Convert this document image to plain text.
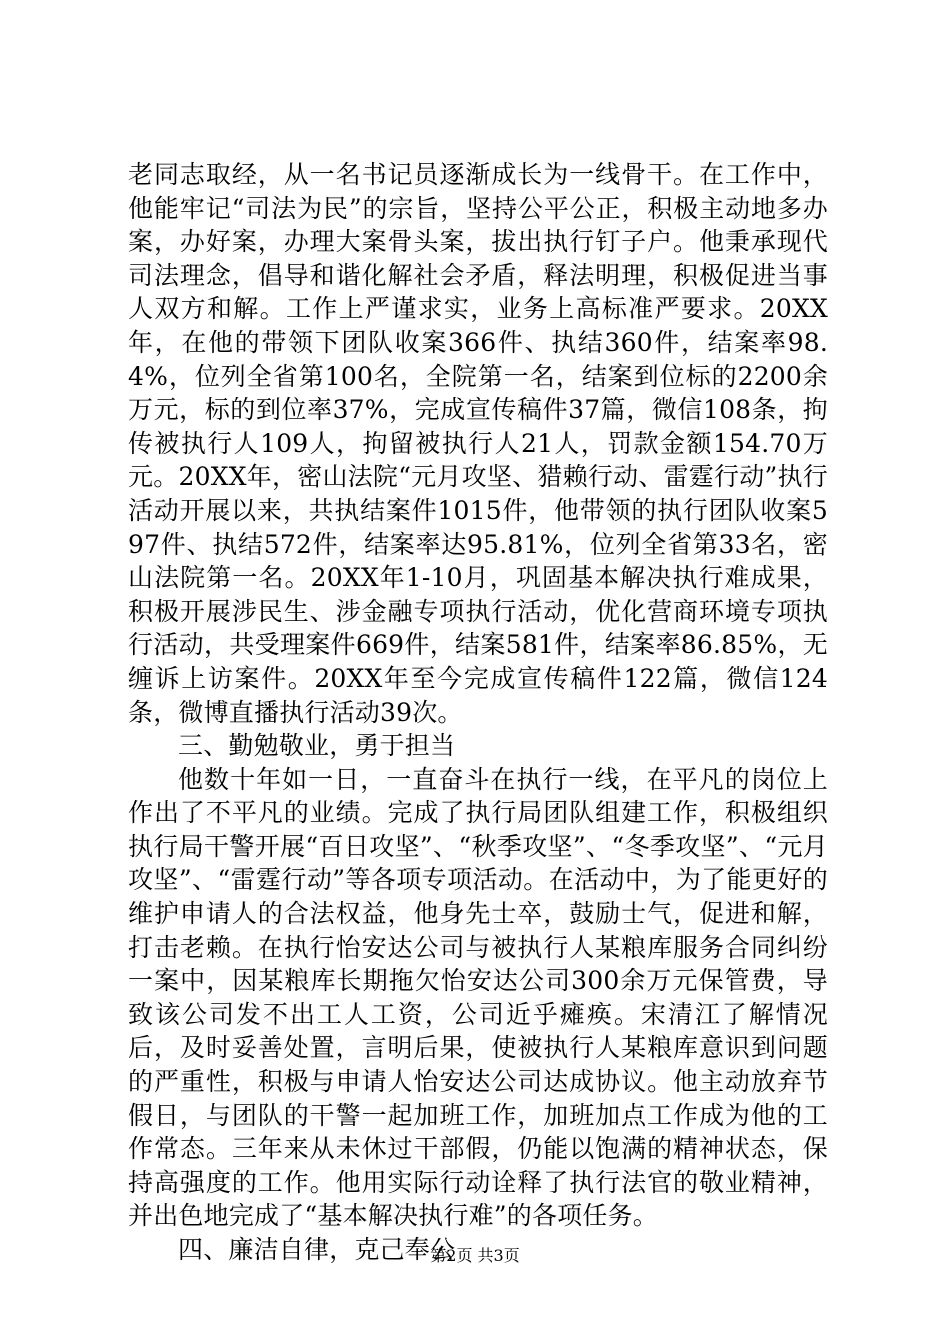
老同志取经，从一名书记员逐渐成长为一线骨干。在工作中，他能牢记“司法为民”的宗旨，坚持公平公正，积极主动地多办案，办好案，办理大案骨头案，拔出执行钉子户。他秉承现代司法理念，倡导和谐化解社会矛盾，释法明理，积极促进当事人双方和解。工作上严谨求实，业务上高标准严要求。20XX年，在他的带领下团队收案366件、执结360件，结案率98.4%，位列全省第100名，全院第一名，结案到位标的2200余万元，标的到位率37%，完成宣传稿件37篇，微信108条，拘传被执行人109人，拘留被执行人21人，罚款金额154.70万元。20XX年，密山法院“元月攻坚、猎赖行动、雷霆行动”执行活动开展以来，共执结案件1015件，他带领的执行团队收案597件、执结572件，结案率达95.81%，位列全省第33名，密山法院第一名。20XX年1-10月，巩固基本解决执行难成果，积极开展涉民生、涉金融专项执行活动，优化营商环境专项执行活动，共受理案件669件，结案581件，结案率86.85%，无缠诉上访案件。20XX年至今完成宣传稿件122篇，微信124条，微博直播执行活动39次。

三、勤勉敬业，勇于担当

他数十年如一日，一直奋斗在执行一线，在平凡的岗位上作出了不平凡的业绩。完成了执行局团队组建工作，积极组织执行局干警开展“百日攻坚”、“秋季攻坚”、“冬季攻坚”、“元月攻坚”、“雷霆行动”等各项专项活动。在活动中，为了能更好的维护申请人的合法权益，他身先士卒，鼓励士气，促进和解，打击老赖。在执行怡安达公司与被执行人某粮库服务合同纠纷一案中，因某粮库长期拖欠怡安达公司300余万元保管费，导致该公司发不出工人工资，公司近乎瘫痪。宋清江了解情况后，及时妥善处置，言明后果，使被执行人某粮库意识到问题的严重性，积极与申请人怡安达公司达成协议。他主动放弃节假日，与团队的干警一起加班工作，加班加点工作成为他的工作常态。三年来从未休过干部假，仍能以饱满的精神状态，保持高强度的工作。他用实际行动诠释了执行法官的敬业精神，并出色地完成了“基本解决执行难”的各项任务。

四、廉洁自律，克己奉公

第2页 共3页
